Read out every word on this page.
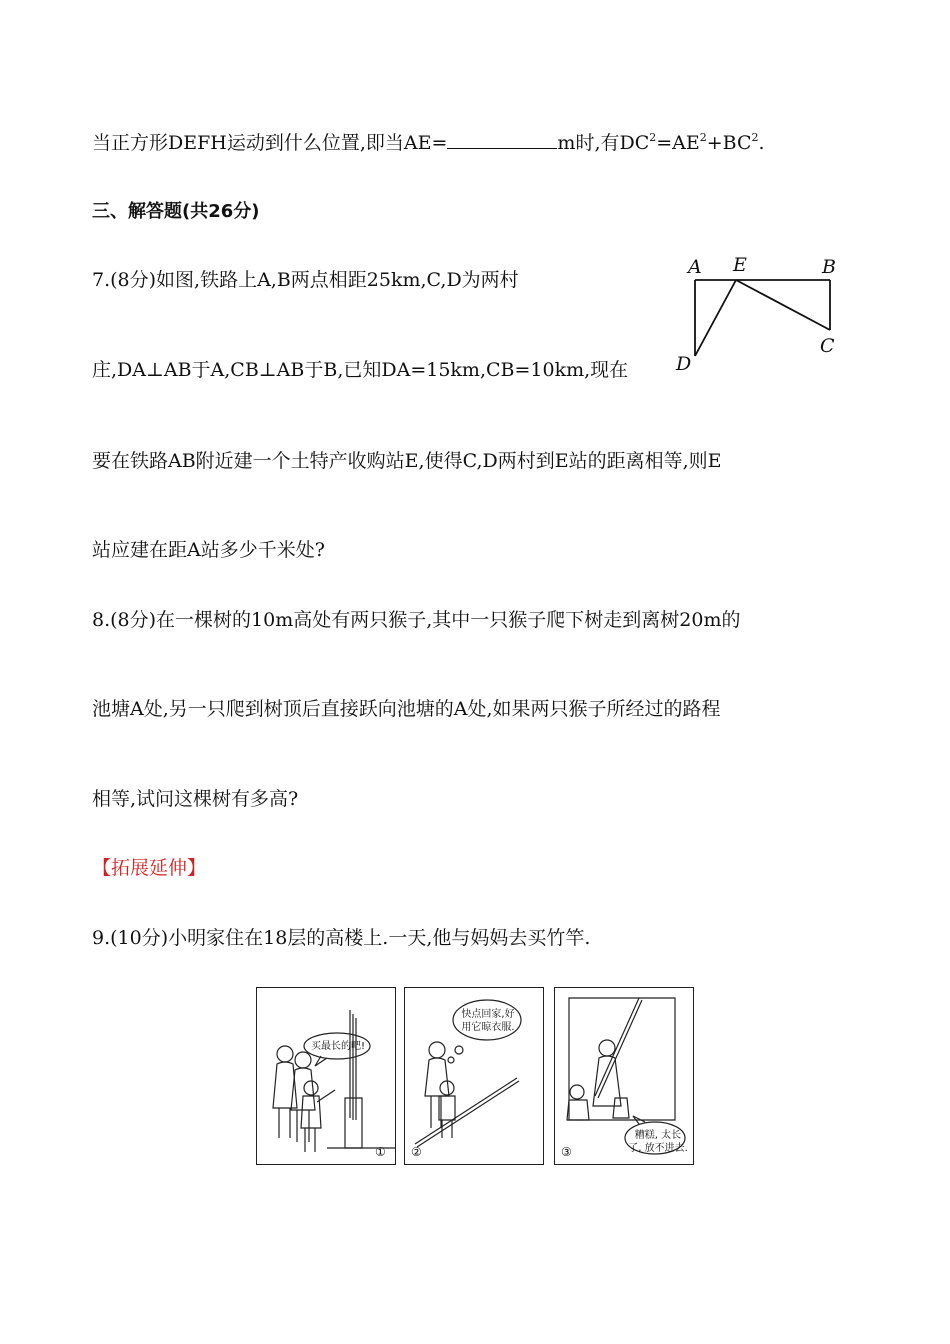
当正方形DEFH运动到什么位置,即当AE=	m时,有$DC^2=AE^2+BC^2$.
三、解答题(共26分)
7.(8分)如图,铁路上A,B两点相距25km,C,D为两村
庄,DA⊥AB于A,CB⊥AB于B,已知DA=15km,CB=10km,现在
要在铁路AB附近建一个土特产收购站E,使得C,D两村到E站的距离相等,则E
站应建在距A站多少千米处?
A E	B
C
D
8.(8分)在一棵树的10m高处有两只猴子,其中一只猴子爬下树走到离树20m的
池塘A处,另一只爬到树顶后直接跃向池塘的A处,如果两只猴子所经过的路程
相等,试问这棵树有多高?
【拓展延伸】
9.(10分)小明家住在18层的高楼上.一天,他与妈妈去买竹竿.
买最长的吧!
①
快点回家,好
用它晾衣服.
②
糟糕, 太长
了, 放不进去.
③
